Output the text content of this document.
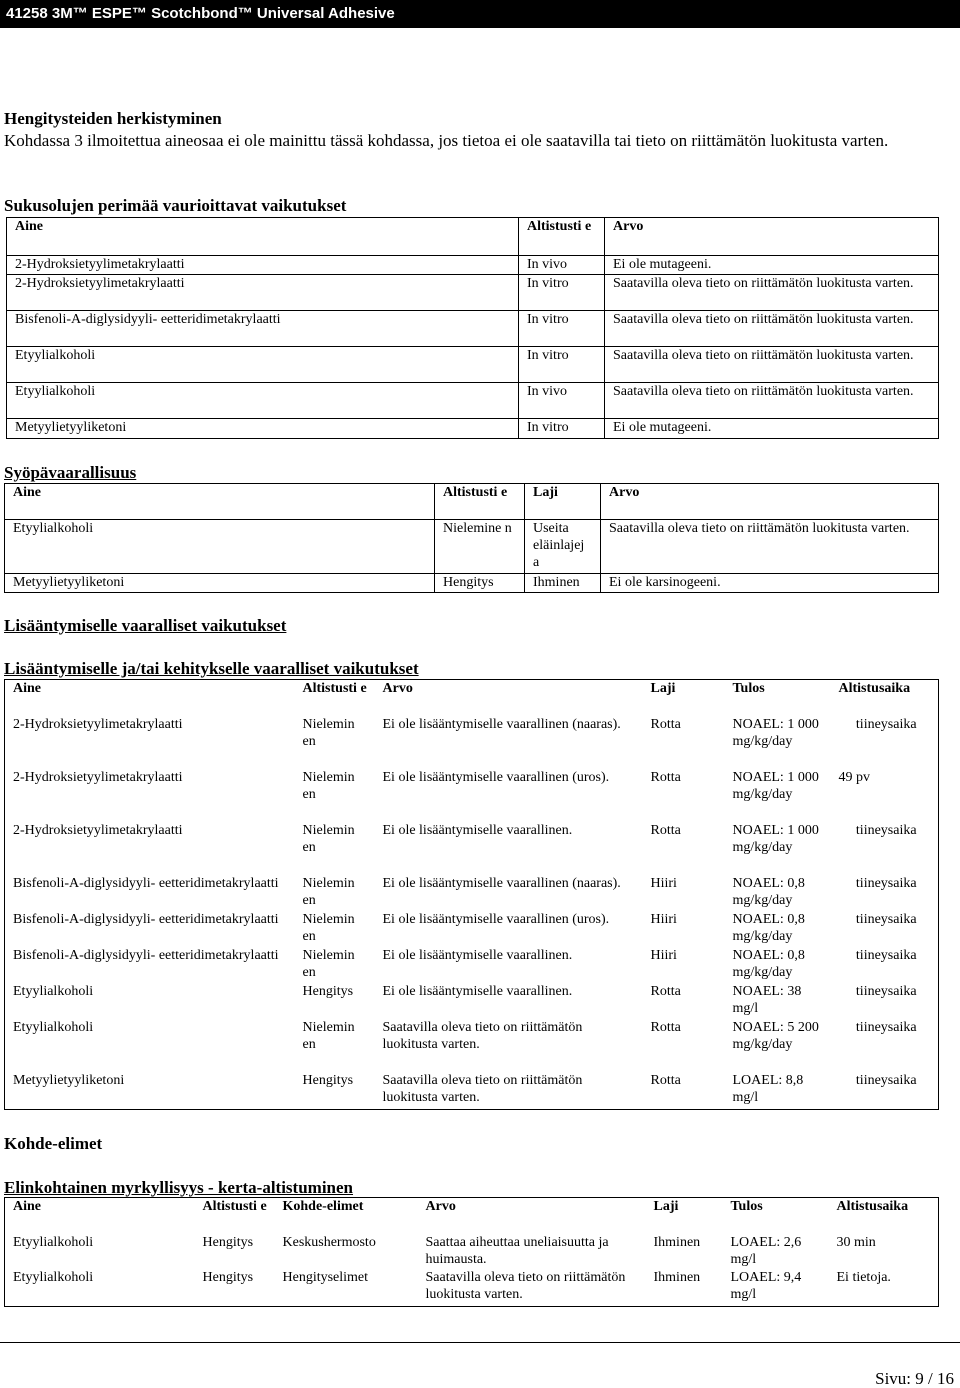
41258 3M™ ESPE™ Scotchbond™ Universal Adhesive
Hengitysteiden herkistyminen
Kohdassa 3 ilmoitettua aineosaa ei ole mainittu tässä kohdassa, jos tietoa ei ole saatavilla tai tieto on riittämätön luokitusta varten.
Sukusolujen perimää vaurioittavat vaikutukset
Aine	Altistusti e	Arvo
2-Hydroksietyylimetakrylaatti	In vivo	Ei ole mutageeni.
2-Hydroksietyylimetakrylaatti	In vitro	Saatavilla oleva tieto on riittämätön luokitusta varten.
Bisfenoli-A-diglysidyyli- eetteridimetakrylaatti	In vitro	Saatavilla oleva tieto on riittämätön luokitusta varten.
Etyylialkoholi	In vitro	Saatavilla oleva tieto on riittämätön luokitusta varten.
Etyylialkoholi	In vivo	Saatavilla oleva tieto on riittämätön luokitusta varten.
Metyylietyyliketoni	In vitro	Ei ole mutageeni.
Syöpävaarallisuus
Aine	Altistusti e	Laji	Arvo
Etyylialkoholi	Nielemine n	Useita eläinlajej a	Saatavilla oleva tieto on riittämätön luokitusta varten.
Metyylietyyliketoni	Hengitys	Ihminen	Ei ole karsinogeeni.
Lisääntymiselle vaaralliset vaikutukset
Lisääntymiselle ja/tai kehitykselle vaaralliset vaikutukset
Aine	Altistusti e	Arvo	Laji	Tulos	Altistusaika
2-Hydroksietyylimetakrylaatti	Nielemin en	Ei ole lisääntymiselle vaarallinen (naaras).	Rotta	NOAEL: 1 000 mg/kg/day	tiineysaika
2-Hydroksietyylimetakrylaatti	Nielemin en	Ei ole lisääntymiselle vaarallinen (uros).	Rotta	NOAEL: 1 000 mg/kg/day	49 pv
2-Hydroksietyylimetakrylaatti	Nielemin en	Ei ole lisääntymiselle vaarallinen.	Rotta	NOAEL: 1 000 mg/kg/day	tiineysaika
Bisfenoli-A-diglysidyyli- eetteridimetakrylaatti	Nielemin en	Ei ole lisääntymiselle vaarallinen (naaras).	Hiiri	NOAEL: 0,8 mg/kg/day	tiineysaika
Bisfenoli-A-diglysidyyli- eetteridimetakrylaatti	Nielemin en	Ei ole lisääntymiselle vaarallinen (uros).	Hiiri	NOAEL: 0,8 mg/kg/day	tiineysaika
Bisfenoli-A-diglysidyyli- eetteridimetakrylaatti	Nielemin en	Ei ole lisääntymiselle vaarallinen.	Hiiri	NOAEL: 0,8 mg/kg/day	tiineysaika
Etyylialkoholi	Hengitys	Ei ole lisääntymiselle vaarallinen.	Rotta	NOAEL: 38 mg/l	tiineysaika
Etyylialkoholi	Nielemin en	Saatavilla oleva tieto on riittämätön luokitusta varten.	Rotta	NOAEL: 5 200 mg/kg/day	tiineysaika
Metyylietyyliketoni	Hengitys	Saatavilla oleva tieto on riittämätön luokitusta varten.	Rotta	LOAEL: 8,8 mg/l	tiineysaika
Kohde-elimet
Elinkohtainen myrkyllisyys - kerta-altistuminen
Aine	Altistusti e	Kohde-elimet	Arvo	Laji	Tulos	Altistusaika
Etyylialkoholi	Hengitys	Keskushermosto	Saattaa aiheuttaa uneliaisuutta ja huimausta.	Ihminen	LOAEL: 2,6 mg/l	30 min
Etyylialkoholi	Hengitys	Hengityselimet	Saatavilla oleva tieto on riittämätön luokitusta varten.	Ihminen	LOAEL: 9,4 mg/l	Ei tietoja.
Sivu: 9 / 16
